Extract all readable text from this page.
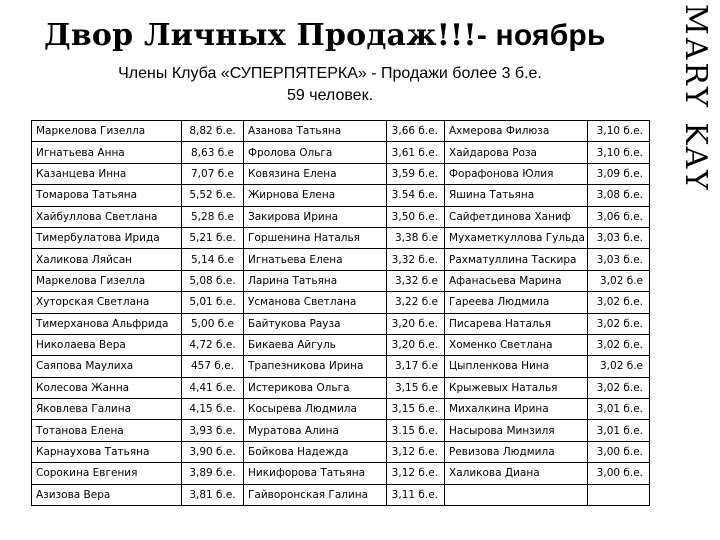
Двор Личных Продаж!!!- ноябрь
Члены Клуба «СУПЕРПЯТЕРКА» - Продажи более 3 б.е.
59 человек.	MARY KAY
Маркелова Гизелла	8,82 б.е.	Азанова Татьяна	3,66 б.е.	Ахмерова Филюза	3,10 б.е.
Игнатьева Анна	8,63 б.е	Фролова Ольга	3,61 б.е.	Хайдарова Роза	3,10 б.е.
Казанцева Инна	7,07 б.е	Ковязина Елена	3,59 б.е.	Форафонова Юлия	3,09 б.е.
Томарова Татьяна	5,52 б.е.	Жирнова Елена	3.54 б.е.	Яшина Татьяна	3,08 б.е.
Хайбуллова Светлана	5,28 б.е	Закирова Ирина	3,50 б.е.	Сайфетдинова Ханиф	3,06 б.е.
Тимербулатова Ирида	5,21 б.е.	Горшенина Наталья	3,38 б.е	Мухаметкуллова Гульда	3,03 б.е.
Халикова Ляйсан	5,14 б.е	Игнатьева Елена	3,32 б.е.	Рахматуллина Таскира	3,03 б.е.
Маркелова Гизелла	5,08 б.е.	Ларина Татьяна	3,32 б.е	Афанасьева Марина	3,02 б.е
Хуторская Светлана	5,01 б.е.	Усманова Светлана	3,22 б.е	Гареева Людмила	3,02 б.е.
Тимерханова Альфрида	5,00 б.е	Байтукова Рауза	3,20 б.е.	Писарева Наталья	3,02 б.е.
Николаева Вера	4,72 б.е.	Бикаева Айгуль	3,20 б.е.	Хоменко Светлана	3,02 б.е.
Саяпова Маулиха	457 б.е.	Трапезникова Ирина	3,17 б.е	Цыпленкова Нина	3,02 б.е
Колесова Жанна	4,41 б.е.	Истерикова Ольга	3,15 б.е	Крыжевых Наталья	3,02 б.е.
Яковлева Галина	4,15 б.е.	Косырева Людмила	3,15 б.е.	Михалкина Ирина	3,01 б.е.
Тотанова Елена	3,93 б.е.	Муратова Алина	3.15 б.е.	Насырова Минзиля	3,01 б.е.
Карнаухова Татьяна	3,90 б.е.	Бойкова Надежда	3,12 б.е.	Ревизова Людмила	3,00 б.е.
Сорокина Евгения	3,89 б.е.	Никифорова Татьяна	3,12 б.е.	Халикова Диана	3,00 б.е.
Азизова Вера	3,81 б.е.	Гайворонская Галина	3,11 б.е.		
